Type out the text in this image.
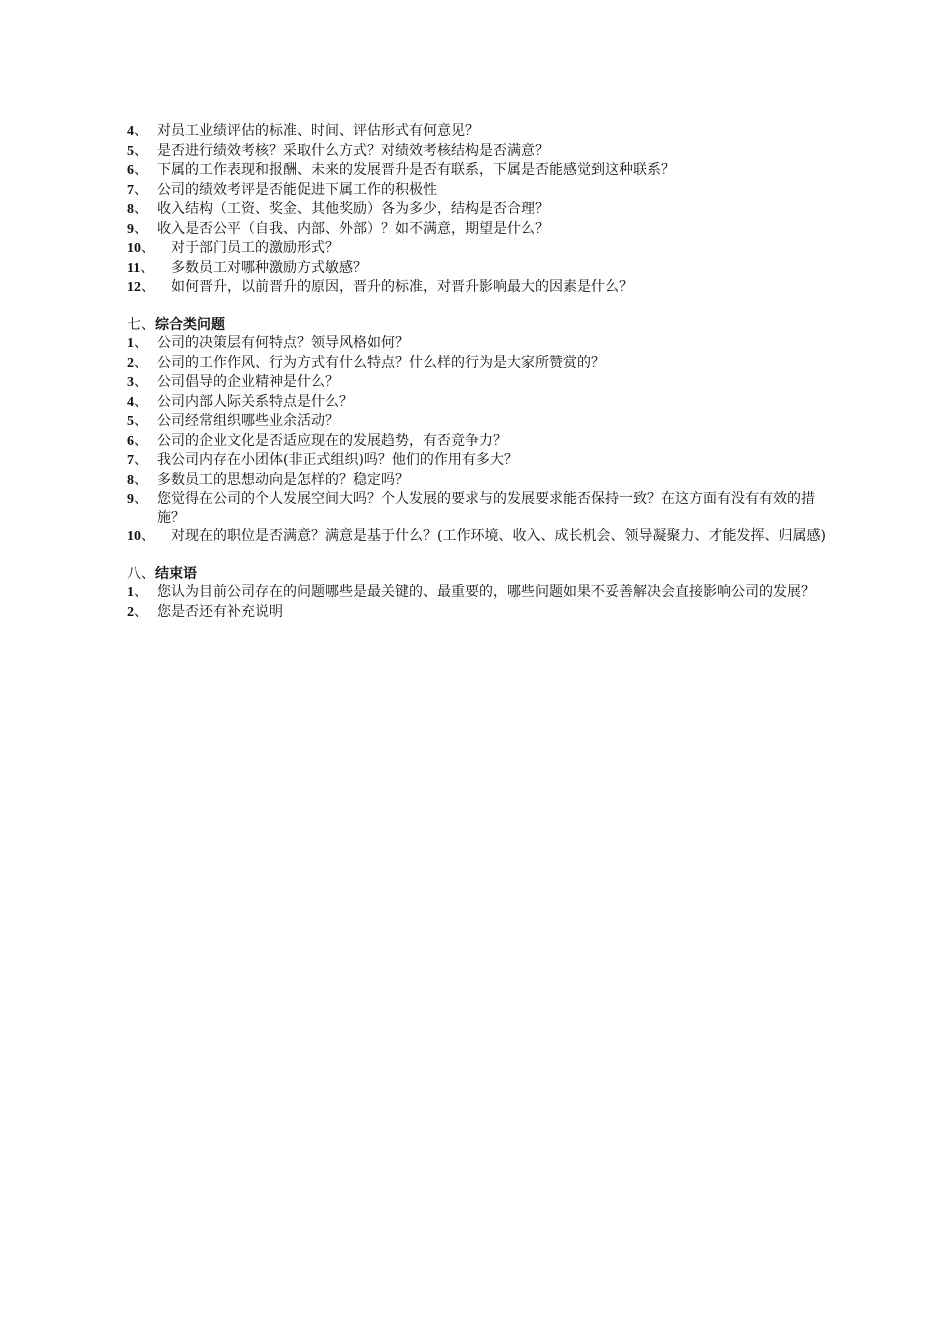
4、 对员工业绩评估的标准、时间、评估形式有何意见？
5、 是否进行绩效考核？采取什么方式？对绩效考核结构是否满意？
6、 下属的工作表现和报酬、未来的发展晋升是否有联系，下属是否能感觉到这种联系？
7、 公司的绩效考评是否能促进下属工作的积极性
8、 收入结构（工资、奖金、其他奖励）各为多少，结构是否合理？
9、 收入是否公平（自我、内部、外部）？如不满意，期望是什么？
10、	对于部门员工的激励形式？
11、	多数员工对哪种激励方式敏感？
12、	如何晋升，以前晋升的原因，晋升的标准，对晋升影响最大的因素是什么？
七、综合类问题
1、 公司的决策层有何特点？领导风格如何？
2、 公司的工作作风、行为方式有什么特点？什么样的行为是大家所赞赏的？
3、 公司倡导的企业精神是什么？
4、 公司内部人际关系特点是什么？
5、 公司经常组织哪些业余活动？
6、 公司的企业文化是否适应现在的发展趋势，有否竞争力？
7、 我公司内存在小团体(非正式组织)吗？他们的作用有多大？
8、 多数员工的思想动向是怎样的？稳定吗？
9、 您觉得在公司的个人发展空间大吗？个人发展的要求与的发展要求能否保持一致？在这方面有没有有效的措施？
10、	对现在的职位是否满意？满意是基于什么？(工作环境、收入、成长机会、领导凝聚力、才能发挥、归属感)
八、结束语
1、 您认为目前公司存在的问题哪些是最关键的、最重要的，哪些问题如果不妥善解决会直接影响公司的发展？
2、 您是否还有补充说明
